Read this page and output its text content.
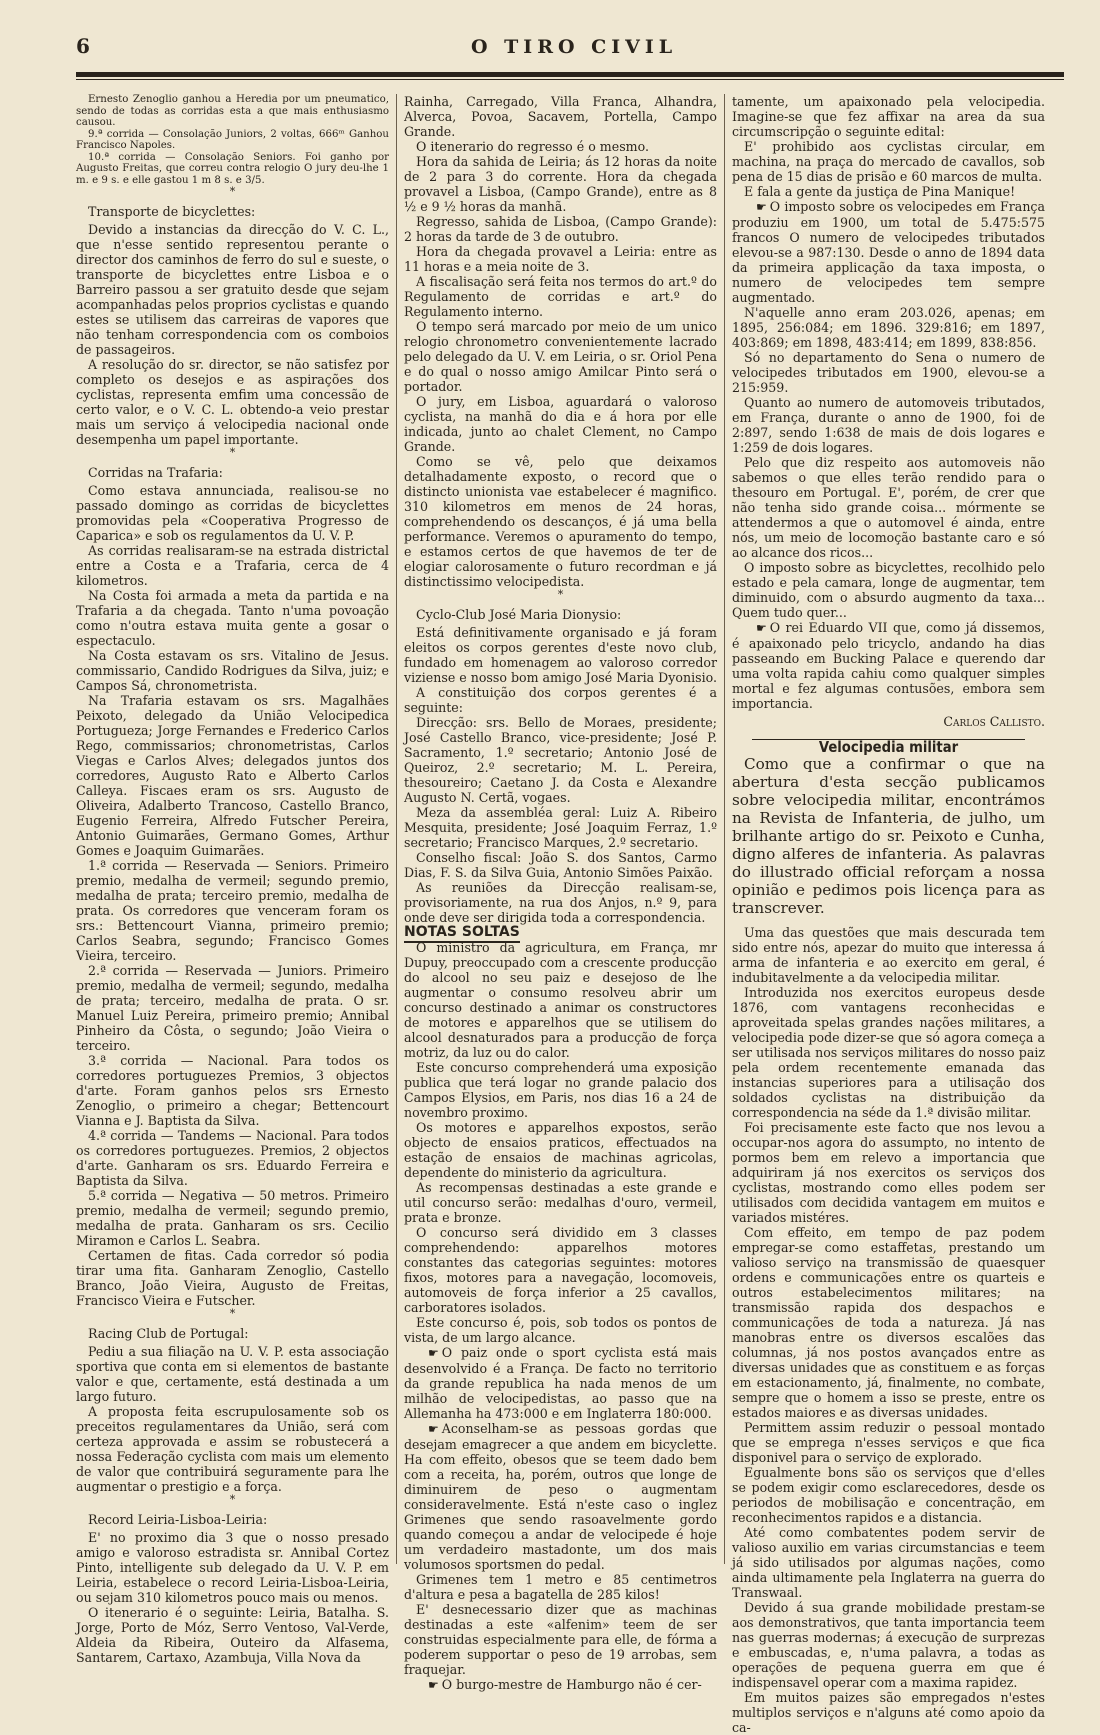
6	O TIRO CIVIL

Ernesto Zenoglio ganhou a Heredia por um pneumatico, sendo de todas as corridas esta a que mais enthusiasmo causou.

9.ª corrida — Consolação Juniors, 2 voltas, 666ᵐ Ganhou Francisco Napoles.

10.ª corrida — Consolação Seniors. Foi ganho por Augusto Freitas, que correu contra relogio O jury deu-lhe 1 m. e 9 s. e elle gastou 1 m 8 s. e 3/5.

*

Transporte de bicyclettes:

Devido a instancias da direcção do V. C. L., que n'esse sentido representou perante o director dos caminhos de ferro do sul e sueste, o transporte de bicyclettes entre Lisboa e o Barreiro passou a ser gratuito desde que sejam acompanhadas pelos proprios cyclistas e quando estes se utilisem das carreiras de vapores que não tenham correspondencia com os comboios de passageiros.

A resolução do sr. director, se não satisfez por completo os desejos e as aspirações dos cyclistas, representa emfim uma concessão de certo valor, e o V. C. L. obtendo-a veio prestar mais um serviço á velocipedia nacional onde desempenha um papel importante.

*

Corridas na Trafaria:

Como estava annunciada, realisou-se no passado domingo as corridas de bicyclettes promovidas pela «Cooperativa Progresso de Caparica» e sob os regulamentos da U. V. P.

As corridas realisaram-se na estrada districtal entre a Costa e a Trafaria, cerca de 4 kilometros.

Na Costa foi armada a meta da partida e na Trafaria a da chegada. Tanto n'uma povoação como n'outra estava muita gente a gosar o espectaculo.

Na Costa estavam os srs. Vitalino de Jesus. commissario, Candido Rodrigues da Silva, juiz; e Campos Sá, chronometrista.

Na Trafaria estavam os srs. Magalhães Peixoto, delegado da União Velocipedica Portugueza; Jorge Fernandes e Frederico Carlos Rego, commissarios; chronometristas, Carlos Viegas e Carlos Alves; delegados juntos dos corredores, Augusto Rato e Alberto Carlos Calleya. Fiscaes eram os srs. Augusto de Oliveira, Adalberto Trancoso, Castello Branco, Eugenio Ferreira, Alfredo Futscher Pereira, Antonio Guimarães, Germano Gomes, Arthur Gomes e Joaquim Guimarães.

1.ª corrida — Reservada — Seniors. Primeiro premio, medalha de vermeil; segundo premio, medalha de prata; terceiro premio, medalha de prata. Os corredores que venceram foram os srs.: Bettencourt Vianna, primeiro premio; Carlos Seabra, segundo; Francisco Gomes Vieira, terceiro.

2.ª corrida — Reservada — Juniors. Primeiro premio, medalha de vermeil; segundo, medalha de prata; terceiro, medalha de prata. O sr. Manuel Luiz Pereira, primeiro premio; Annibal Pinheiro da Côsta, o segundo; João Vieira o terceiro.

3.ª corrida — Nacional. Para todos os corredores portuguezes Premios, 3 objectos d'arte. Foram ganhos pelos srs Ernesto Zenoglio, o primeiro a chegar; Bettencourt Vianna e J. Baptista da Silva.

4.ª corrida — Tandems — Nacional. Para todos os corredores portuguezes. Premios, 2 objectos d'arte. Ganharam os srs. Eduardo Ferreira e Baptista da Silva.

5.ª corrida — Negativa — 50 metros. Primeiro premio, medalha de vermeil; segundo premio, medalha de prata. Ganharam os srs. Cecilio Miramon e Carlos L. Seabra.

Certamen de fitas. Cada corredor só podia tirar uma fita. Ganharam Zenoglio, Castello Branco, João Vieira, Augusto de Freitas, Francisco Vieira e Futscher.

*

Racing Club de Portugal:

Pediu a sua filiação na U. V. P. esta associação sportiva que conta em si elementos de bastante valor e que, certamente, está destinada a um largo futuro.

A proposta feita escrupulosamente sob os preceitos regulamentares da União, será com certeza approvada e assim se robustecerá a nossa Federação cyclista com mais um elemento de valor que contribuirá seguramente para lhe augmentar o prestigio e a força.

*

Record Leiria-Lisboa-Leiria:

E' no proximo dia 3 que o nosso presado amigo e valoroso estradista sr. Annibal Cortez Pinto, intelligente sub delegado da U. V. P. em Leiria, estabelece o record Leiria-Lisboa-Leiria, ou sejam 310 kilometros pouco mais ou menos.

O itenerario é o seguinte: Leiria, Batalha. S. Jorge, Porto de Móz, Serro Ventoso, Val-Verde, Aldeia da Ribeira, Outeiro da Alfasema, Santarem, Cartaxo, Azambuja, Villa Nova da

Rainha, Carregado, Villa Franca, Alhandra, Alverca, Povoa, Sacavem, Portella, Campo Grande.

O itenerario do regresso é o mesmo.

Hora da sahida de Leiria; ás 12 horas da noite de 2 para 3 do corrente. Hora da chegada provavel a Lisboa, (Campo Grande), entre as 8 ½ e 9 ½ horas da manhã.

Regresso, sahida de Lisboa, (Campo Grande): 2 horas da tarde de 3 de outubro.

Hora da chegada provavel a Leiria: entre as 11 horas e a meia noite de 3.

A fiscalisação será feita nos termos do art.º do Regulamento de corridas e art.º do Regulamento interno.

O tempo será marcado por meio de um unico relogio chronometro convenientemente lacrado pelo delegado da U. V. em Leiria, o sr. Oriol Pena e do qual o nosso amigo Amilcar Pinto será o portador.

O jury, em Lisboa, aguardará o valoroso cyclista, na manhã do dia e á hora por elle indicada, junto ao chalet Clement, no Campo Grande.

Como se vê, pelo que deixamos detalhadamente exposto, o record que o distincto unionista vae estabelecer é magnifico. 310 kilometros em menos de 24 horas, comprehendendo os descanços, é já uma bella performance. Veremos o apuramento do tempo, e estamos certos de que havemos de ter de elogiar calorosamente o futuro recordman e já distinctissimo velocipedista.

*

Cyclo-Club José Maria Dionysio:

Está definitivamente organisado e já foram eleitos os corpos gerentes d'este novo club, fundado em homenagem ao valoroso corredor viziense e nosso bom amigo José Maria Dyonisio.

A constituição dos corpos gerentes é a seguinte:

Direcção: srs. Bello de Moraes, presidente; José Castello Branco, vice-presidente; José P. Sacramento, 1.º secretario; Antonio José de Queiroz, 2.º secretario; M. L. Pereira, thesoureiro; Caetano J. da Costa e Alexandre Augusto N. Certã, vogaes.

Meza da assembléa geral: Luiz A. Ribeiro Mesquita, presidente; José Joaquim Ferraz, 1.º secretario; Francisco Marques, 2.º secretario.

Conselho fiscal: João S. dos Santos, Carmo Dias, F. S. da Silva Guia, Antonio Simões Paixão.

As reuniões da Direcção realisam-se, provisoriamente, na rua dos Anjos, n.º 9, para onde deve ser dirigida toda a correspondencia.

NOTAS SOLTAS

O ministro da agricultura, em França, mr Dupuy, preoccupado com a crescente producção do alcool no seu paiz e desejoso de lhe augmentar o consumo resolveu abrir um concurso destinado a animar os constructores de motores e apparelhos que se utilisem do alcool desnaturados para a producção de força motriz, da luz ou do calor.

Este concurso comprehenderá uma exposição publica que terá logar no grande palacio dos Campos Elysios, em Paris, nos dias 16 a 24 de novembro proximo.

Os motores e apparelhos expostos, serão objecto de ensaios praticos, effectuados na estação de ensaios de machinas agricolas, dependente do ministerio da agricultura.

As recompensas destinadas a este grande e util concurso serão: medalhas d'ouro, vermeil, prata e bronze.

O concurso será dividido em 3 classes comprehendendo: apparelhos motores constantes das categorias seguintes: motores fixos, motores para a navegação, locomoveis, automoveis de força inferior a 25 cavallos, carboratores isolados.

Este concurso é, pois, sob todos os pontos de vista, de um largo alcance.

☛ O paiz onde o sport cyclista está mais desenvolvido é a França. De facto no territorio da grande republica ha nada menos de um milhão de velocipedistas, ao passo que na Allemanha ha 473:000 e em Inglaterra 180:000.

☛ Aconselham-se as pessoas gordas que desejam emagrecer a que andem em bicyclette. Ha com effeito, obesos que se teem dado bem com a receita, ha, porém, outros que longe de diminuirem de peso o augmentam consideravelmente. Está n'este caso o inglez Grimenes que sendo rasoavelmente gordo quando começou a andar de velocipede é hoje um verdadeiro mastadonte, um dos mais volumosos sportsmen do pedal.

Grimenes tem 1 metro e 85 centimetros d'altura e pesa a bagatella de 285 kilos!

E' desnecessario dizer que as machinas destinadas a este «alfenim» teem de ser construidas especialmente para elle, de fórma a poderem supportar o peso de 19 arrobas, sem fraquejar.

☛ O burgo-mestre de Hamburgo não é cer-

tamente, um apaixonado pela velocipedia. Imagine-se que fez affixar na area da sua circumscripção o seguinte edital:

E' prohibido aos cyclistas circular, em machina, na praça do mercado de cavallos, sob pena de 15 dias de prisão e 60 marcos de multa.

E fala a gente da justiça de Pina Manique!

☛ O imposto sobre os velocipedes em França produziu em 1900, um total de 5.475:575 francos O numero de velocipedes tributados elevou-se a 987:130. Desde o anno de 1894 data da primeira applicação da taxa imposta, o numero de velocipedes tem sempre augmentado.

N'aquelle anno eram 203.026, apenas; em 1895, 256:084; em 1896. 329:816; em 1897, 403:869; em 1898, 483:414; em 1899, 838:856.

Só no departamento do Sena o numero de velocipedes tributados em 1900, elevou-se a 215:959.

Quanto ao numero de automoveis tributados, em França, durante o anno de 1900, foi de 2:897, sendo 1:638 de mais de dois logares e 1:259 de dois logares.

Pelo que diz respeito aos automoveis não sabemos o que elles terão rendido para o thesouro em Portugal. E', porém, de crer que não tenha sido grande coisa... mórmente se attendermos a que o automovel é ainda, entre nós, um meio de locomoção bastante caro e só ao alcance dos ricos...

O imposto sobre as bicyclettes, recolhido pelo estado e pela camara, longe de augmentar, tem diminuido, com o absurdo augmento da taxa... Quem tudo quer...

☛ O rei Eduardo VII que, como já dissemos, é apaixonado pelo tricyclo, andando ha dias passeando em Bucking Palace e querendo dar uma volta rapida cahiu como qualquer simples mortal e fez algumas contusões, embora sem importancia.

Carlos Callisto.

Velocipedia militar

Como que a confirmar o que na abertura d'esta secção publicamos sobre velocipedia militar, encontrámos na Revista de Infanteria, de julho, um brilhante artigo do sr. Peixoto e Cunha, digno alferes de infanteria. As palavras do illustrado official reforçam a nossa opinião e pedimos pois licença para as transcrever.

Uma das questões que mais descurada tem sido entre nós, apezar do muito que interessa á arma de infanteria e ao exercito em geral, é indubitavelmente a da velocipedia militar.

Introduzida nos exercitos europeus desde 1876, com vantagens reconhecidas e aproveitada spelas grandes nações militares, a velocipedia pode dizer-se que só agora começa a ser utilisada nos serviços militares do nosso paiz pela ordem recentemente emanada das instancias superiores para a utilisação dos soldados cyclistas na distribuição da correspondencia na séde da 1.ª divisão militar.

Foi precisamente este facto que nos levou a occupar-nos agora do assumpto, no intento de pormos bem em relevo a importancia que adquiriram já nos exercitos os serviços dos cyclistas, mostrando como elles podem ser utilisados com decidida vantagem em muitos e variados mistéres.

Com effeito, em tempo de paz podem empregar-se como estaffetas, prestando um valioso serviço na transmissão de quaesquer ordens e communicações entre os quarteis e outros estabelecimentos militares; na transmissão rapida dos despachos e communicações de toda a natureza. Já nas manobras entre os diversos escalões das columnas, já nos postos avançados entre as diversas unidades que as constituem e as forças em estacionamento, já, finalmente, no combate, sempre que o homem a isso se preste, entre os estados maiores e as diversas unidades.

Permittem assim reduzir o pessoal montado que se emprega n'esses serviços e que fica disponivel para o serviço de explorado.

Egualmente bons são os serviços que d'elles se podem exigir como esclarecedores, desde os periodos de mobilisação e concentração, em reconhecimentos rapidos e a distancia.

Até como combatentes podem servir de valioso auxilio em varias circumstancias e teem já sido utilisados por algumas nações, como ainda ultimamente pela Inglaterra na guerra do Transwaal.

Devido á sua grande mobilidade prestam-se aos demonstrativos, que tanta importancia teem nas guerras modernas; á execução de surprezas e embuscadas, e, n'uma palavra, a todas as operações de pequena guerra em que é indispensavel operar com a maxima rapidez.

Em muitos paizes são empregados n'estes multiplos serviços e n'alguns até como apoio da ca-
